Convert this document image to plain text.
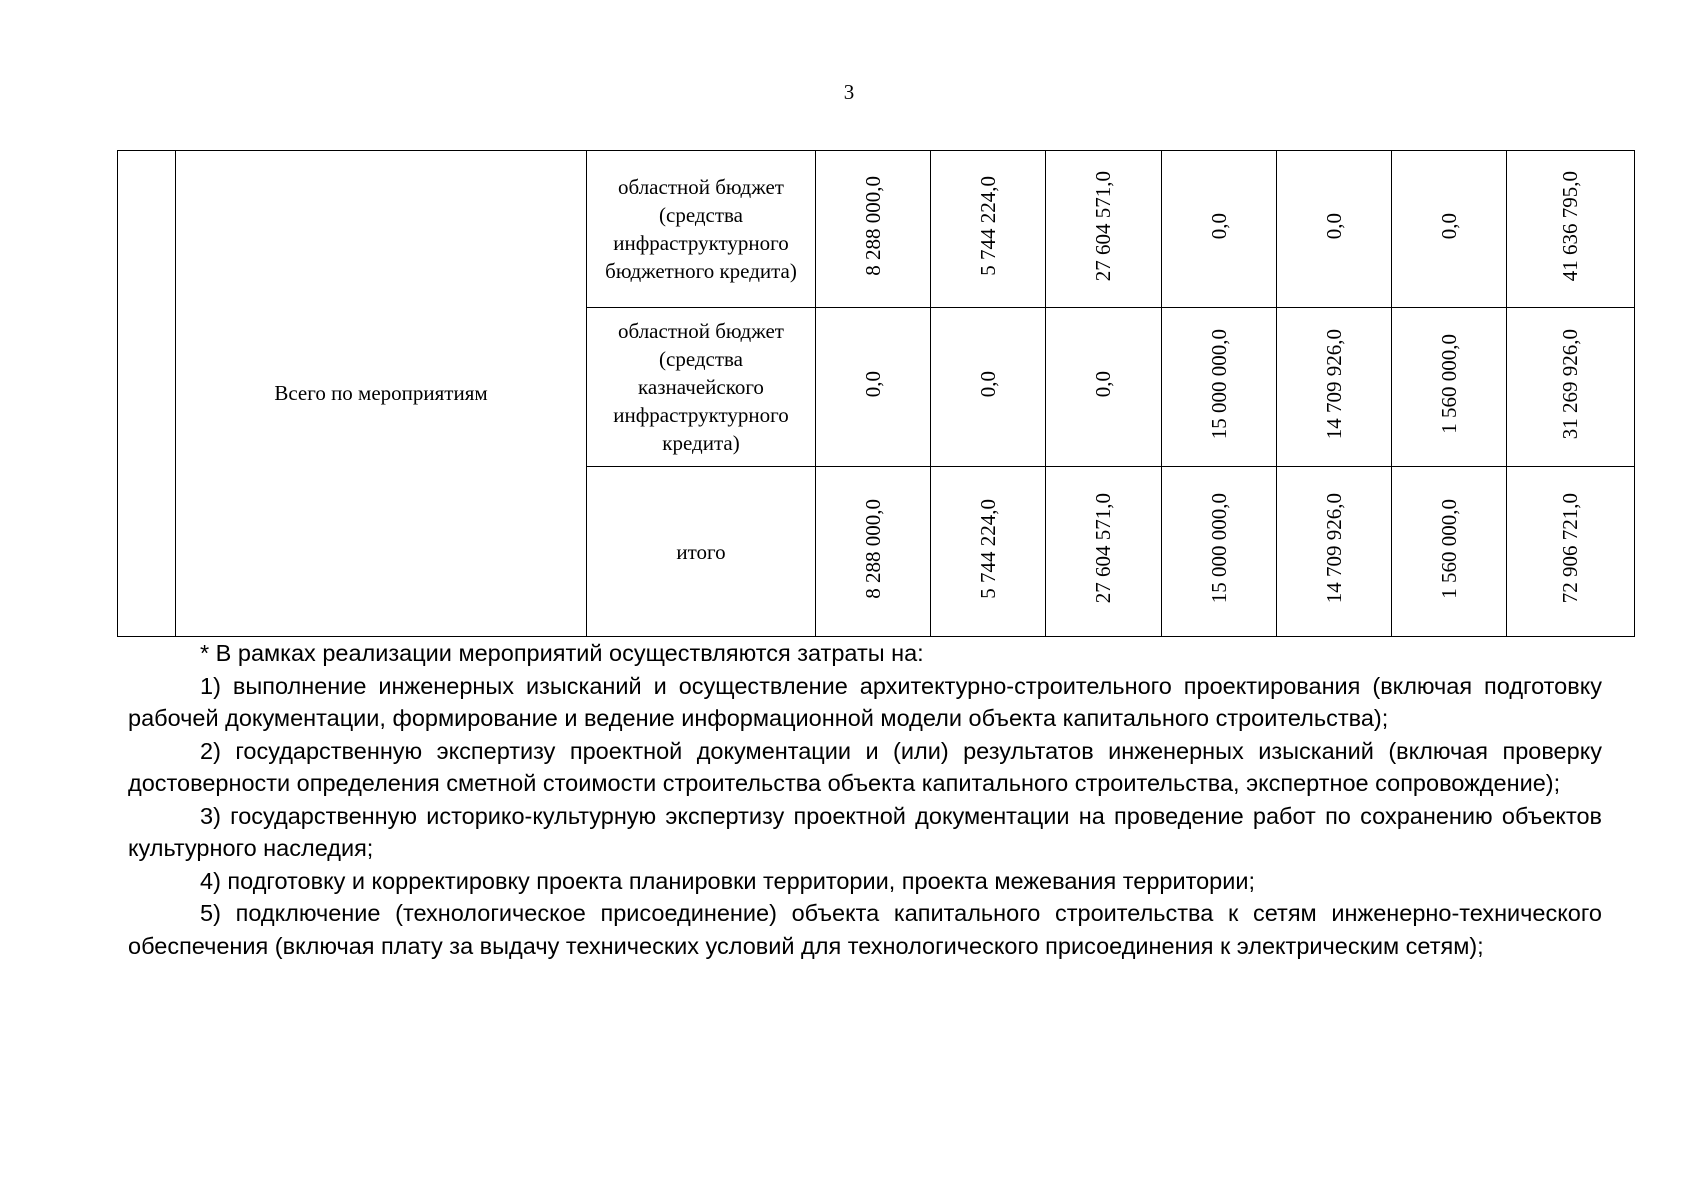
3
	Всего по мероприятиям	областной бюджет (средства инфраструктурного бюджетного кредита)	8 288 000,0	5 744 224,0	27 604 571,0	0,0	0,0	0,0	41 636 795,0
		областной бюджет (средства казначейского инфраструктурного кредита)	0,0	0,0	0,0	15 000 000,0	14 709 926,0	1 560 000,0	31 269 926,0
		итого	8 288 000,0	5 744 224,0	27 604 571,0	15 000 000,0	14 709 926,0	1 560 000,0	72 906 721,0

* В рамках реализации мероприятий осуществляются затраты на:

1) выполнение инженерных изысканий и осуществление архитектурно-строительного проектирования (включая подготовку рабочей документации, формирование и ведение информационной модели объекта капитального строительства);

2) государственную экспертизу проектной документации и (или) результатов инженерных изысканий (включая проверку достоверности определения сметной стоимости строительства объекта капитального строительства, экспертное сопровождение);

3) государственную историко-культурную экспертизу проектной документации на проведение работ по сохранению объектов культурного наследия;

4) подготовку и корректировку проекта планировки территории, проекта межевания территории;

5) подключение (технологическое присоединение) объекта капитального строительства к сетям инженерно-технического обеспечения (включая плату за выдачу технических условий для технологического присоединения к электрическим сетям);
